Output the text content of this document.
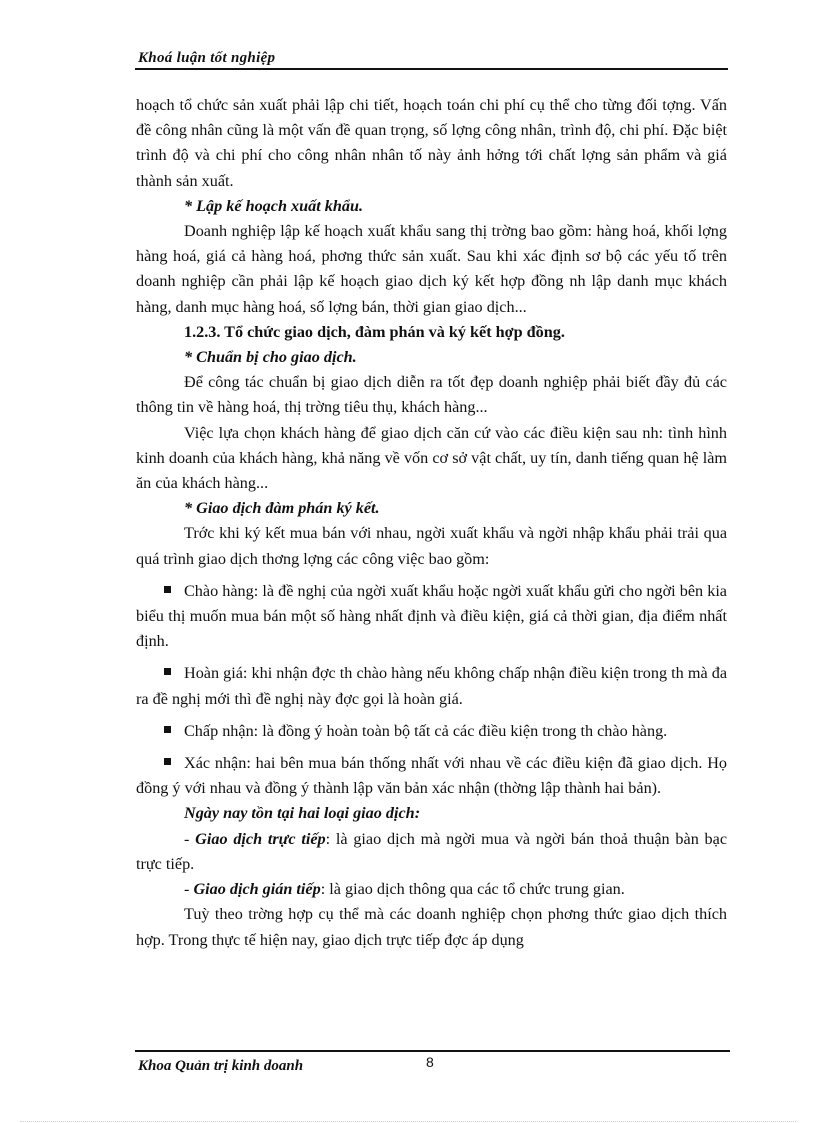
Khoá luận tốt nghiệp

hoạch tổ chức sản xuất phải lập chi tiết, hoạch toán chi phí cụ thể cho từng đối tợng. Vấn đề công nhân cũng là một vấn đề quan trọng, số lợng công nhân, trình độ, chi phí. Đặc biệt trình độ và chi phí cho công nhân nhân tố này ảnh hởng tới chất lợng sản phẩm và giá thành sản xuất.

* Lập kế hoạch xuất khẩu.

Doanh nghiệp lập kế hoạch xuất khẩu sang thị trờng bao gồm: hàng hoá, khối lợng hàng hoá, giá cả hàng hoá, phơng thức sản xuất. Sau khi xác định sơ bộ các yếu tố trên doanh nghiệp cần phải lập kế hoạch giao dịch ký kết hợp đồng nh lập danh mục khách hàng, danh mục hàng hoá, số lợng bán, thời gian giao dịch...

1.2.3. Tổ chức giao dịch, đàm phán và ký kết hợp đồng.

* Chuẩn bị cho giao dịch.

Để công tác chuẩn bị giao dịch diễn ra tốt đẹp doanh nghiệp phải biết đầy đủ các thông tin về hàng hoá, thị trờng tiêu thụ, khách hàng...

Việc lựa chọn khách hàng để giao dịch căn cứ vào các điều kiện sau nh: tình hình kinh doanh của khách hàng, khả năng về vốn cơ sở vật chất, uy tín, danh tiếng quan hệ làm ăn của khách hàng...

* Giao dịch đàm phán ký kết.

Trớc khi ký kết mua bán với nhau, ngời xuất khẩu và ngời nhập khẩu phải trải qua quá trình giao dịch thơng lợng các công việc bao gồm:

Chào hàng: là đề nghị của ngời xuất khẩu hoặc ngời xuất khẩu gửi cho ngời bên kia biểu thị muốn mua bán một số hàng nhất định và điều kiện, giá cả thời gian, địa điểm nhất định.

Hoàn giá: khi nhận đợc th chào hàng nếu không chấp nhận điều kiện trong th mà đa ra đề nghị mới thì đề nghị này đợc gọi là hoàn giá.

Chấp nhận: là đồng ý hoàn toàn bộ tất cả các điều kiện trong th chào hàng.

Xác nhận: hai bên mua bán thống nhất với nhau về các điều kiện đã giao dịch. Họ đồng ý với nhau và đồng ý thành lập văn bản xác nhận (thờng lập thành hai bản).

Ngày nay tồn tại hai loại giao dịch:

- Giao dịch trực tiếp: là giao dịch mà ngời mua và ngời bán thoả thuận bàn bạc trực tiếp.

- Giao dịch gián tiếp: là giao dịch thông qua các tổ chức trung gian.

Tuỳ theo trờng hợp cụ thể mà các doanh nghiệp chọn phơng thức giao dịch thích hợp. Trong thực tế hiện nay, giao dịch trực tiếp đợc áp dụng

Khoa Quản trị kinh doanh	8
